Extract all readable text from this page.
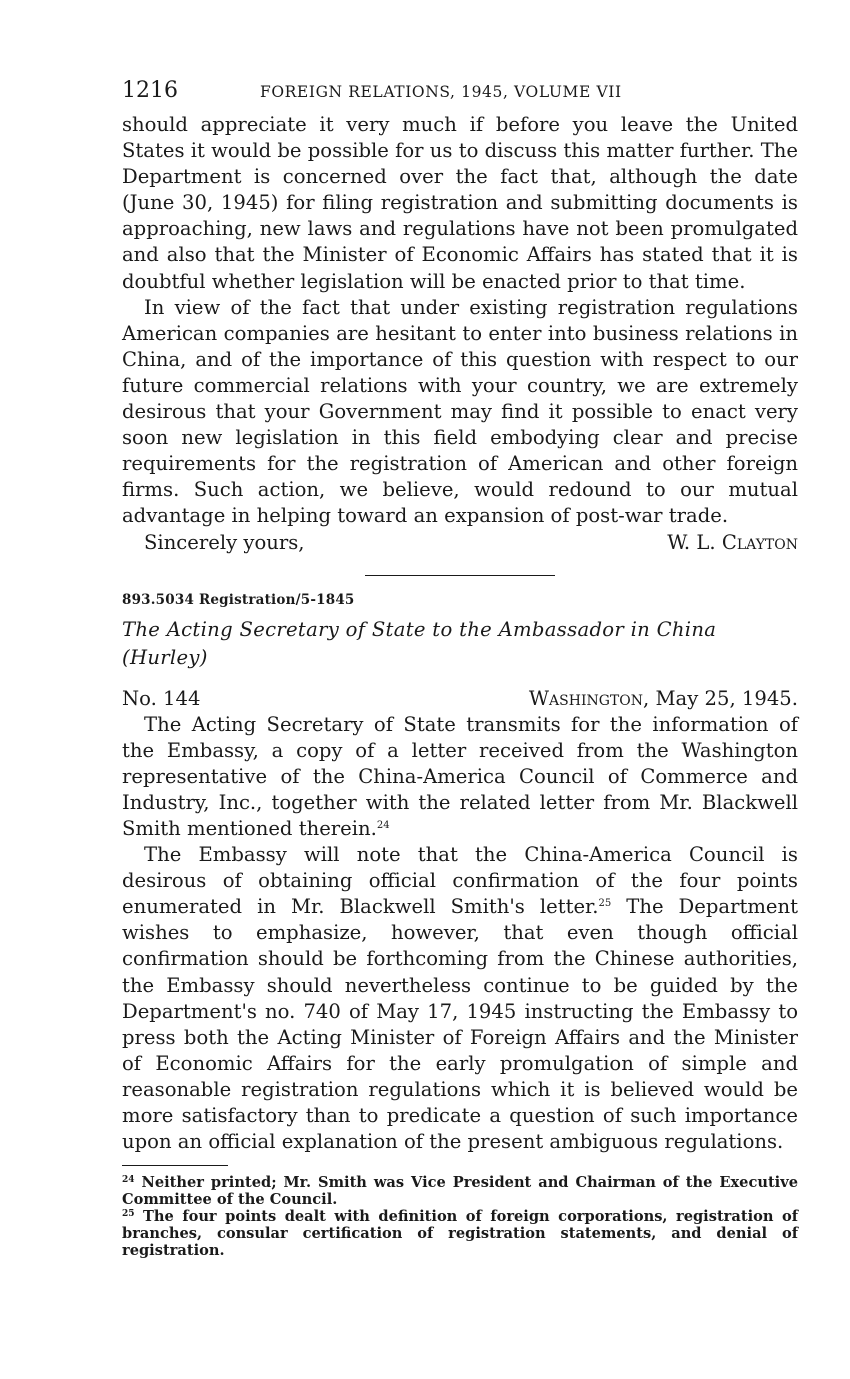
1216	FOREIGN RELATIONS, 1945, VOLUME VII

should appreciate it very much if before you leave the United States it would be possible for us to discuss this matter further. The Department is concerned over the fact that, although the date (June 30, 1945) for filing registration and submitting documents is approaching, new laws and regulations have not been promulgated and also that the Minister of Economic Affairs has stated that it is doubtful whether legislation will be enacted prior to that time.

In view of the fact that under existing registration regulations American companies are hesitant to enter into business relations in China, and of the importance of this question with respect to our future commercial relations with your country, we are extremely desirous that your Government may find it possible to enact very soon new legislation in this field embodying clear and precise requirements for the registration of American and other foreign firms. Such action, we believe, would redound to our mutual advantage in helping toward an expansion of post-war trade.

Sincerely yours,	W. L. Clayton
893.5034 Registration/5-1845
The Acting Secretary of State to the Ambassador in China (Hurley)
No. 144	Washington, May 25, 1945.

The Acting Secretary of State transmits for the information of the Embassy, a copy of a letter received from the Washington representative of the China-America Council of Commerce and Industry, Inc., together with the related letter from Mr. Blackwell Smith mentioned therein.$^{24}$

The Embassy will note that the China-America Council is desirous of obtaining official confirmation of the four points enumerated in Mr. Blackwell Smith's letter.$^{25}$ The Department wishes to emphasize, however, that even though official confirmation should be forthcoming from the Chinese authorities, the Embassy should nevertheless continue to be guided by the Department's no. 740 of May 17, 1945 instructing the Embassy to press both the Acting Minister of Foreign Affairs and the Minister of Economic Affairs for the early promulgation of simple and reasonable registration regulations which it is believed would be more satisfactory than to predicate a question of such importance upon an official explanation of the present ambiguous regulations.

$^{24}$ Neither printed; Mr. Smith was Vice President and Chairman of the Executive Committee of the Council.

$^{25}$ The four points dealt with definition of foreign corporations, registration of branches, consular certification of registration statements, and denial of registration.
